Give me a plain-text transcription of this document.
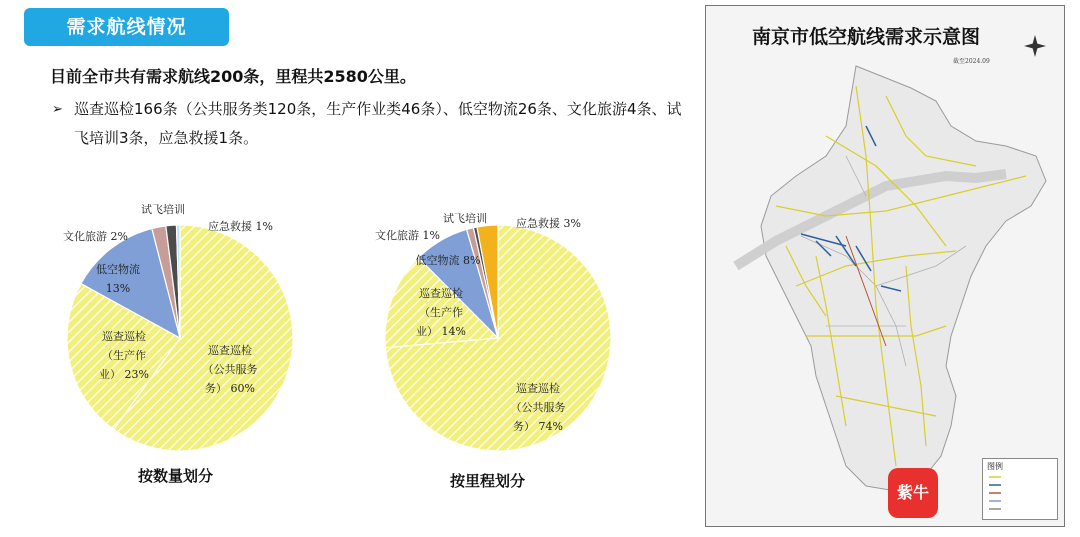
需求航线情况
目前全市共有需求航线200条，里程共2580公里。
➢ 巡查巡检166条（公共服务类120条，生产作业类46条）、低空物流26条、文化旅游4条、试飞培训3条，应急救援1条。
巡查巡检（公共服务务） 60%
巡查巡检（生产作业） 23%
低空物流 13%
文化旅游 2%
试飞培训
应急救援 1%
按数量划分
巡查巡检（公共服务务） 74%
巡查巡检（生产作业） 14%
低空物流 8%
文化旅游 1%
试飞培训	应急救援 3%
按里程划分
南京市低空航线需求示意图
截至2024.09
紫牛
图例
